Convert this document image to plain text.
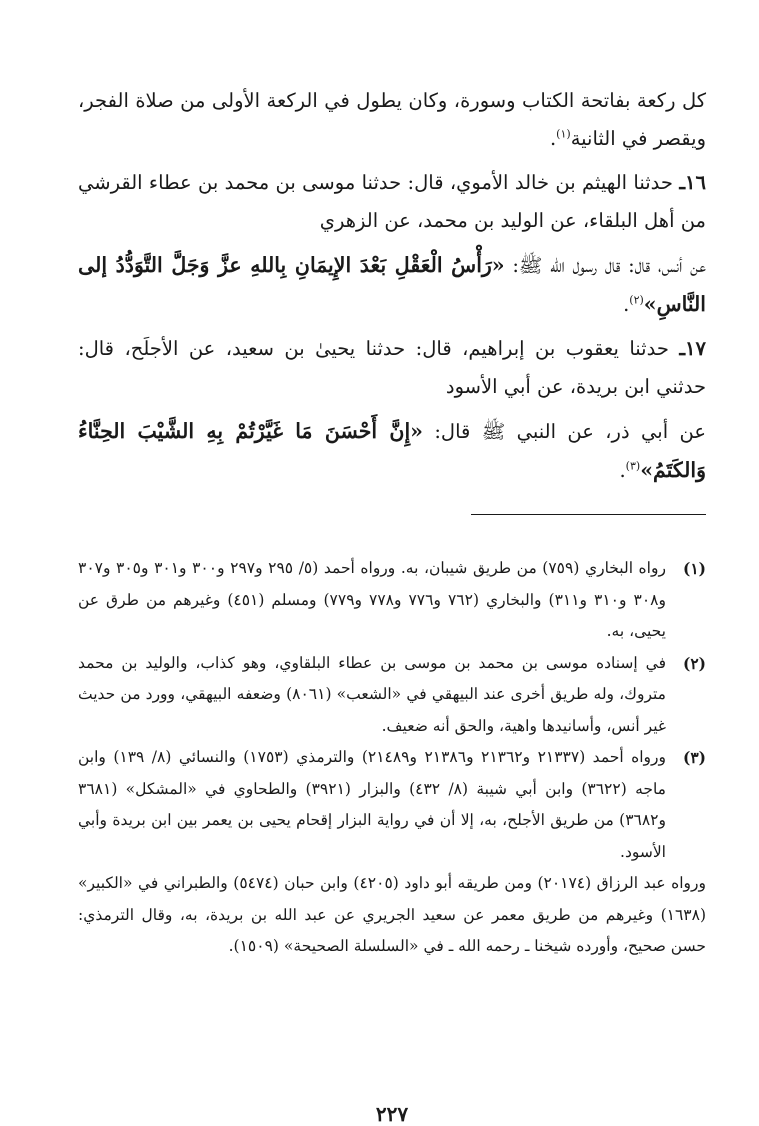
كل ركعة بفاتحة الكتاب وسورة، وكان يطول في الركعة الأولى من صلاة الفجر، ويقصر في الثانية$^{(١)}$.

١٦ـ حدثنا الهيثم بن خالد الأموي، قال: حدثنا موسى بن محمد بن عطاء القرشي من أهل البلقاء، عن الوليد بن محمد، عن الزهري

عن أنس، قال: قال رسول الله ﷺ: «رَأْسُ الْعَقْلِ بَعْدَ الإِيمَانِ بِاللهِ عزَّ وَجَلَّ التَّوَدُّدُ إلى النَّاسِ»$^{(٢)}$.

١٧ـ حدثنا يعقوب بن إبراهيم، قال: حدثنا يحيىٰ بن سعيد، عن الأجلَح، قال: حدثني ابن بريدة، عن أبي الأسود

عن أبي ذر، عن النبي ﷺ قال: «إِنَّ أَحْسَنَ مَا غَيَّرْتُمْ بِهِ الشَّيْبَ الحِنَّاءُ وَالكَتَمُ»$^{(٣)}$.

(١)
رواه البخاري (٧٥٩) من طريق شيبان، به. ورواه أحمد (٥/ ٢٩٥ و٢٩٧ و٣٠٠ و٣٠١ و٣٠٥ و٣٠٧ و٣٠٨ و٣١٠ و٣١١) والبخاري (٧٦٢ و٧٧٦ و٧٧٨ و٧٧٩) ومسلم (٤٥١) وغيرهم من طرق عن يحيى، به.
(٢)
في إسناده موسى بن محمد بن موسى بن عطاء البلقاوي، وهو كذاب، والوليد بن محمد متروك، وله طريق أخرى عند البيهقي في «الشعب» (٨٠٦١) وضعفه البيهقي، وورد من حديث غير أنس، وأسانيدها واهية، والحق أنه ضعيف.
(٣)
ورواه أحمد (٢١٣٣٧ و٢١٣٦٢ و٢١٣٨٦ و٢١٤٨٩) والترمذي (١٧٥٣) والنسائي (٨/ ١٣٩) وابن ماجه (٣٦٢٢) وابن أبي شيبة (٨/ ٤٣٢) والبزار (٣٩٢١) والطحاوي في «المشكل» (٣٦٨١ و٣٦٨٢) من طريق الأجلح، به، إلا أن في رواية البزار إقحام يحيى بن يعمر بين ابن بريدة وأبي الأسود.

ورواه عبد الرزاق (٢٠١٧٤) ومن طريقه أبو داود (٤٢٠٥) وابن حبان (٥٤٧٤) والطبراني في «الكبير» (١٦٣٨) وغيرهم من طريق معمر عن سعيد الجريري عن عبد الله بن بريدة، به، وقال الترمذي: حسن صحيح، وأورده شيخنا ـ رحمه الله ـ في «السلسلة الصحيحة» (١٥٠٩).

٢٢٧
